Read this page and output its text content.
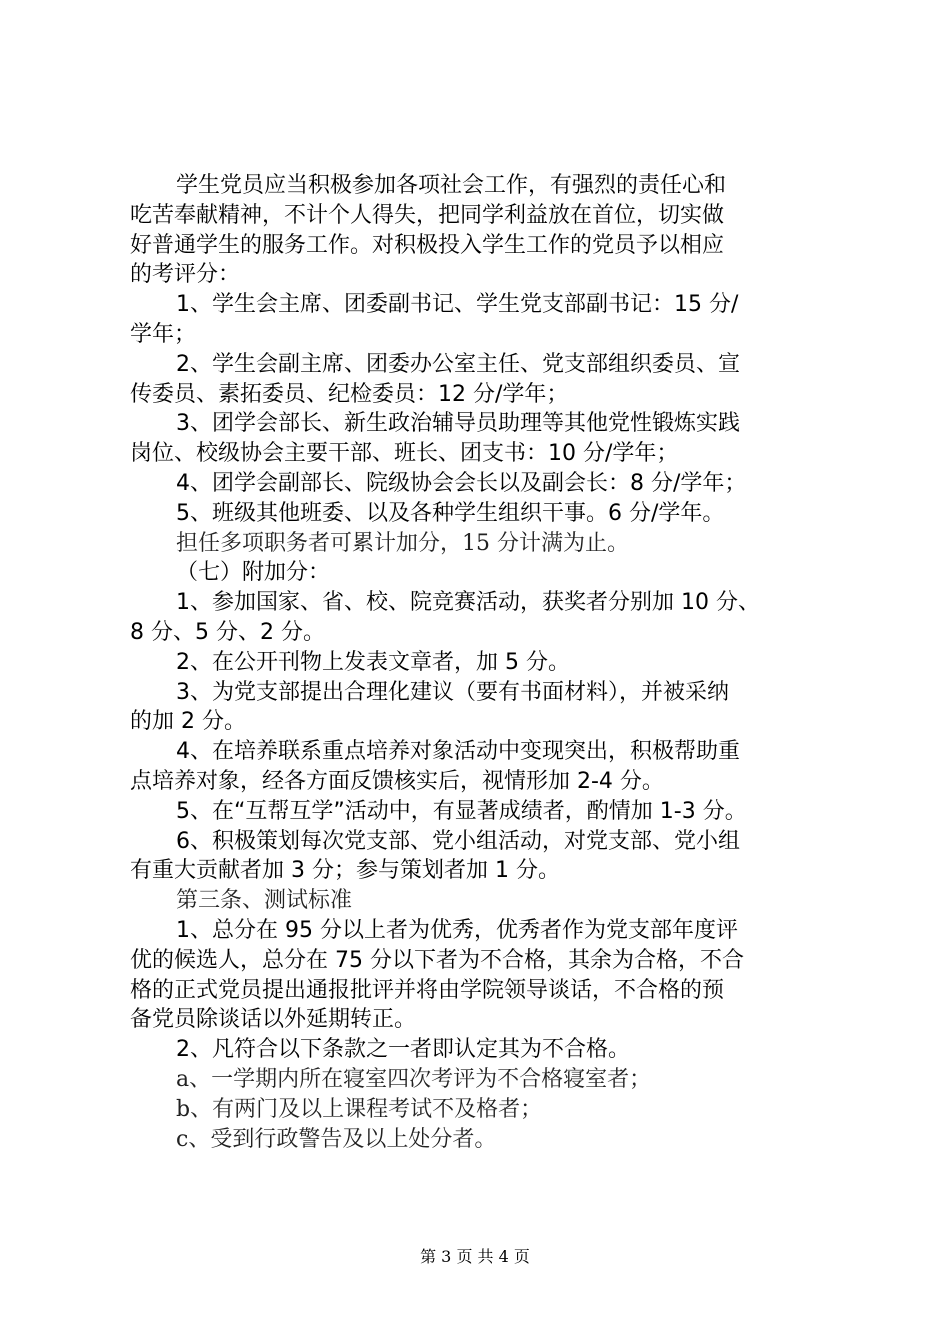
学生党员应当积极参加各项社会工作，有强烈的责任心和

吃苦奉献精神，不计个人得失，把同学利益放在首位，切实做

好普通学生的服务工作。对积极投入学生工作的党员予以相应

的考评分：

1、学生会主席、团委副书记、学生党支部副书记：15 分/

学年；

2、学生会副主席、团委办公室主任、党支部组织委员、宣

传委员、素拓委员、纪检委员：12 分/学年；

3、团学会部长、新生政治辅导员助理等其他党性锻炼实践

岗位、校级协会主要干部、班长、团支书：10 分/学年；

4、团学会副部长、院级协会会长以及副会长：8 分/学年；

5、班级其他班委、以及各种学生组织干事。6 分/学年。

担任多项职务者可累计加分，15 分计满为止。

（七）附加分：

1、参加国家、省、校、院竞赛活动，获奖者分别加 10 分、

8 分、5 分、2 分。

2、在公开刊物上发表文章者，加 5 分。

3、为党支部提出合理化建议（要有书面材料），并被采纳

的加 2 分。

4、在培养联系重点培养对象活动中变现突出，积极帮助重

点培养对象，经各方面反馈核实后，视情形加 2-4 分。

5、在“互帮互学”活动中，有显著成绩者，酌情加 1-3 分。

6、积极策划每次党支部、党小组活动，对党支部、党小组

有重大贡献者加 3 分；参与策划者加 1 分。

第三条、测试标准

1、总分在 95 分以上者为优秀，优秀者作为党支部年度评

优的候选人，总分在 75 分以下者为不合格，其余为合格，不合

格的正式党员提出通报批评并将由学院领导谈话，不合格的预

备党员除谈话以外延期转正。

2、凡符合以下条款之一者即认定其为不合格。

a、一学期内所在寝室四次考评为不合格寝室者；

b、有两门及以上课程考试不及格者；

c、受到行政警告及以上处分者。

第 3 页 共 4 页
